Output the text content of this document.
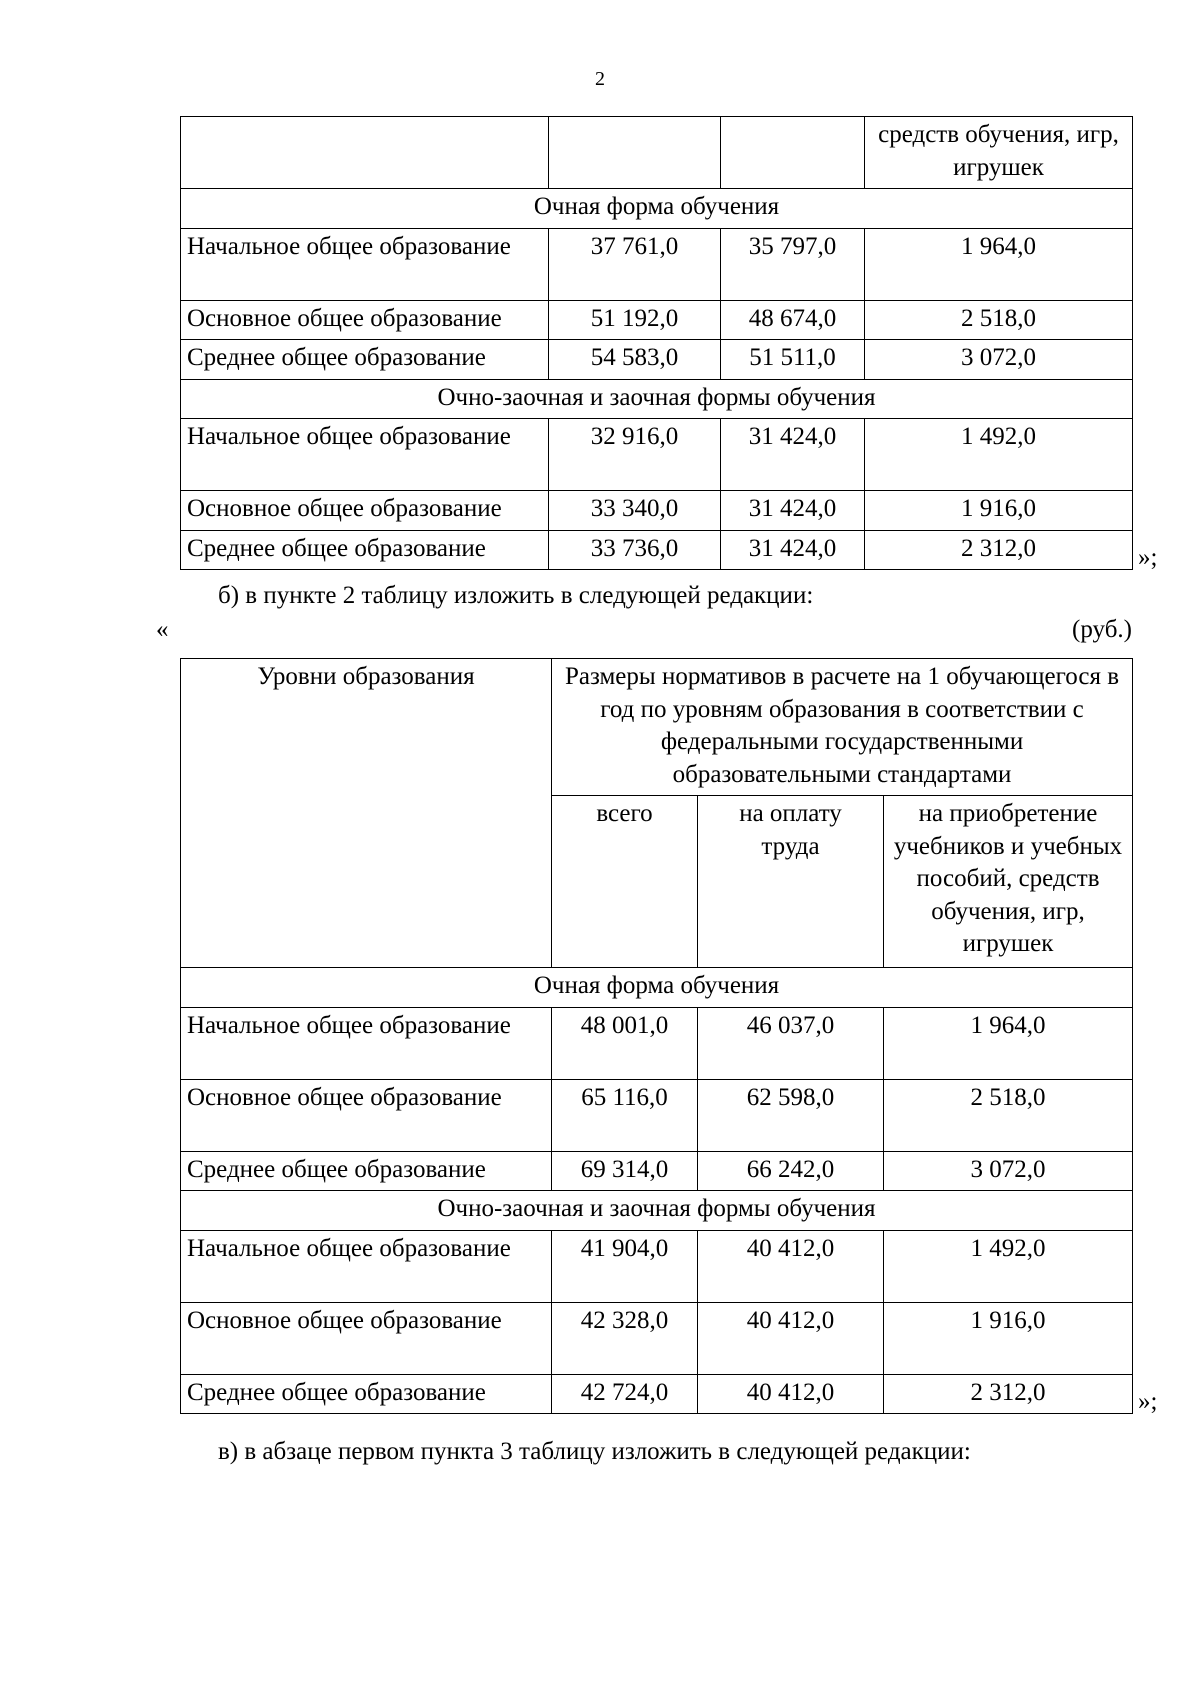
2
			средств обучения, игр, игрушек
Очная форма обучения			
Начальное общее образование	37 761,0	35 797,0	1 964,0
Основное общее образование	51 192,0	48 674,0	2 518,0
Среднее общее образование	54 583,0	51 511,0	3 072,0
Очно-заочная и заочная формы обучения			
Начальное общее образование	32 916,0	31 424,0	1 492,0
Основное общее образование	33 340,0	31 424,0	1 916,0
Среднее общее образование	33 736,0	31 424,0	2 312,0	»;
б) в пункте 2 таблицу изложить в следующей редакции:
«	(руб.)
Уровни образования	Размеры нормативов в расчете на 1 обучающегося в год по уровням образования в соответствии с федеральными государственными образовательными стандартами		
	всего	на оплату труда	на приобретение учебников и учебных пособий, средств обучения, игр, игрушек
Очная форма обучения			
Начальное общее образование	48 001,0	46 037,0	1 964,0
Основное общее образование	65 116,0	62 598,0	2 518,0
Среднее общее образование	69 314,0	66 242,0	3 072,0
Очно-заочная и заочная формы обучения			
Начальное общее образование	41 904,0	40 412,0	1 492,0
Основное общее образование	42 328,0	40 412,0	1 916,0
Среднее общее образование	42 724,0	40 412,0	2 312,0	»;
в) в абзаце первом пункта 3 таблицу изложить в следующей редакции:
